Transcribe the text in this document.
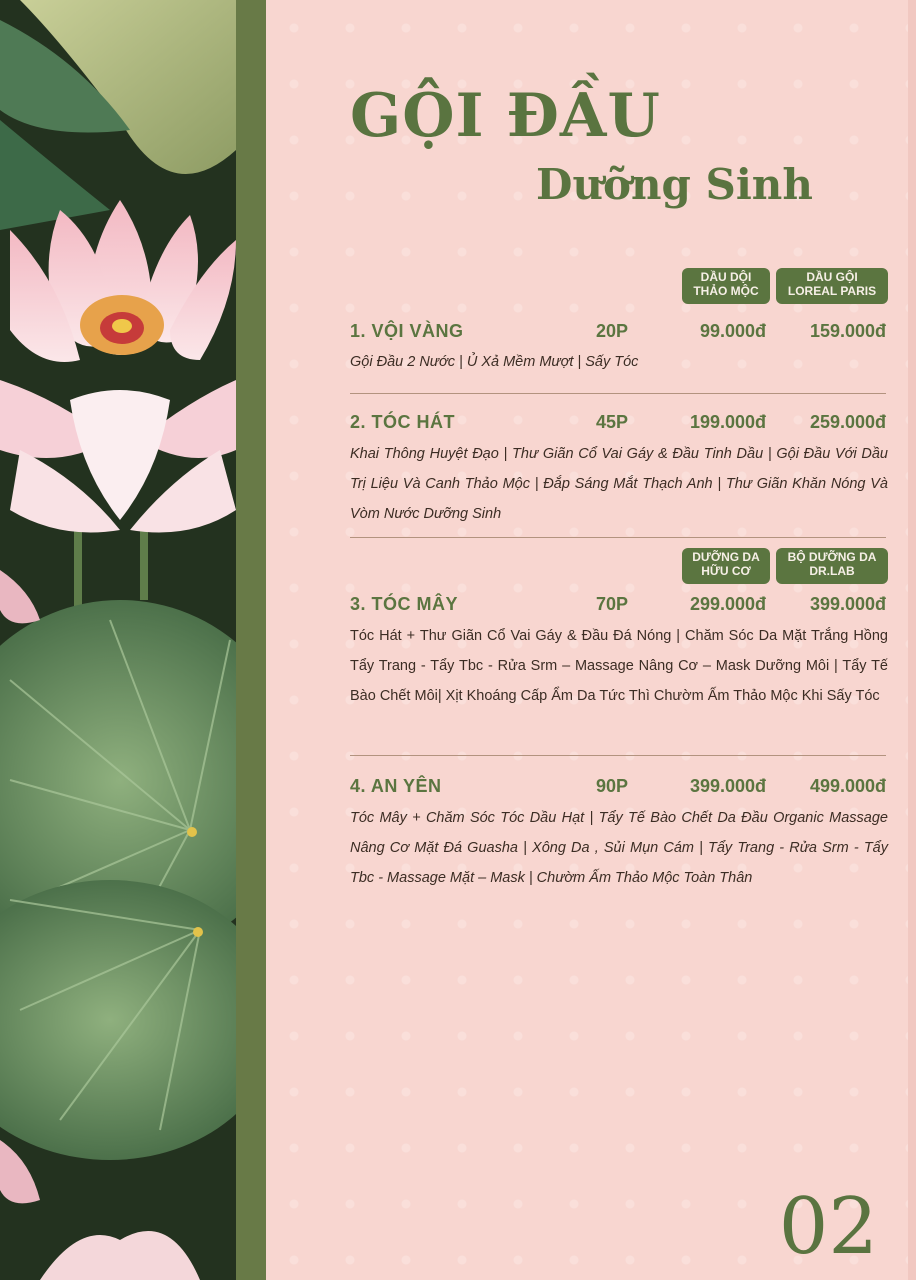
GỘI ĐẦU
Dưỡng Sinh
DẦU DỘI
THẢO MỘC
DẦU GỘI
LOREAL PARIS
1. VỘI VÀNG	20P	99.000đ	159.000đ
Gội Đầu 2 Nước | Ủ Xả Mềm Mượt | Sấy Tóc
2. TÓC HÁT	45P	199.000đ	259.000đ
Khai Thông Huyệt Đạo | Thư Giãn Cổ Vai Gáy & Đầu Tinh Dầu | Gội Đầu Với Dầu Trị Liệu Và Canh Thảo Mộc | Đắp Sáng Mắt Thạch Anh | Thư Giãn Khăn Nóng Và Vòm Nước Dưỡng Sinh
DƯỠNG DA
HỮU CƠ
BỘ DƯỠNG DA
DR.LAB
3. TÓC MÂY	70P	299.000đ	399.000đ
Tóc Hát + Thư Giãn Cổ Vai Gáy & Đầu Đá Nóng | Chăm Sóc Da Mặt Trắng Hồng Tẩy Trang - Tẩy Tbc - Rửa Srm – Massage Nâng Cơ – Mask Dưỡng Môi | Tẩy Tế Bào Chết Môi| Xịt Khoáng Cấp Ẩm Da Tức Thì Chườm Ấm Thảo Mộc Khi Sấy Tóc
4. AN YÊN	90P	399.000đ	499.000đ
Tóc Mây + Chăm Sóc Tóc Dầu Hạt | Tẩy Tế Bào Chết Da Đầu Organic Massage Nâng Cơ Mặt Đá Guasha | Xông Da , Sủi Mụn Cám | Tẩy Trang - Rửa Srm - Tẩy Tbc - Massage Mặt – Mask | Chườm Ấm Thảo Mộc Toàn Thân
02
